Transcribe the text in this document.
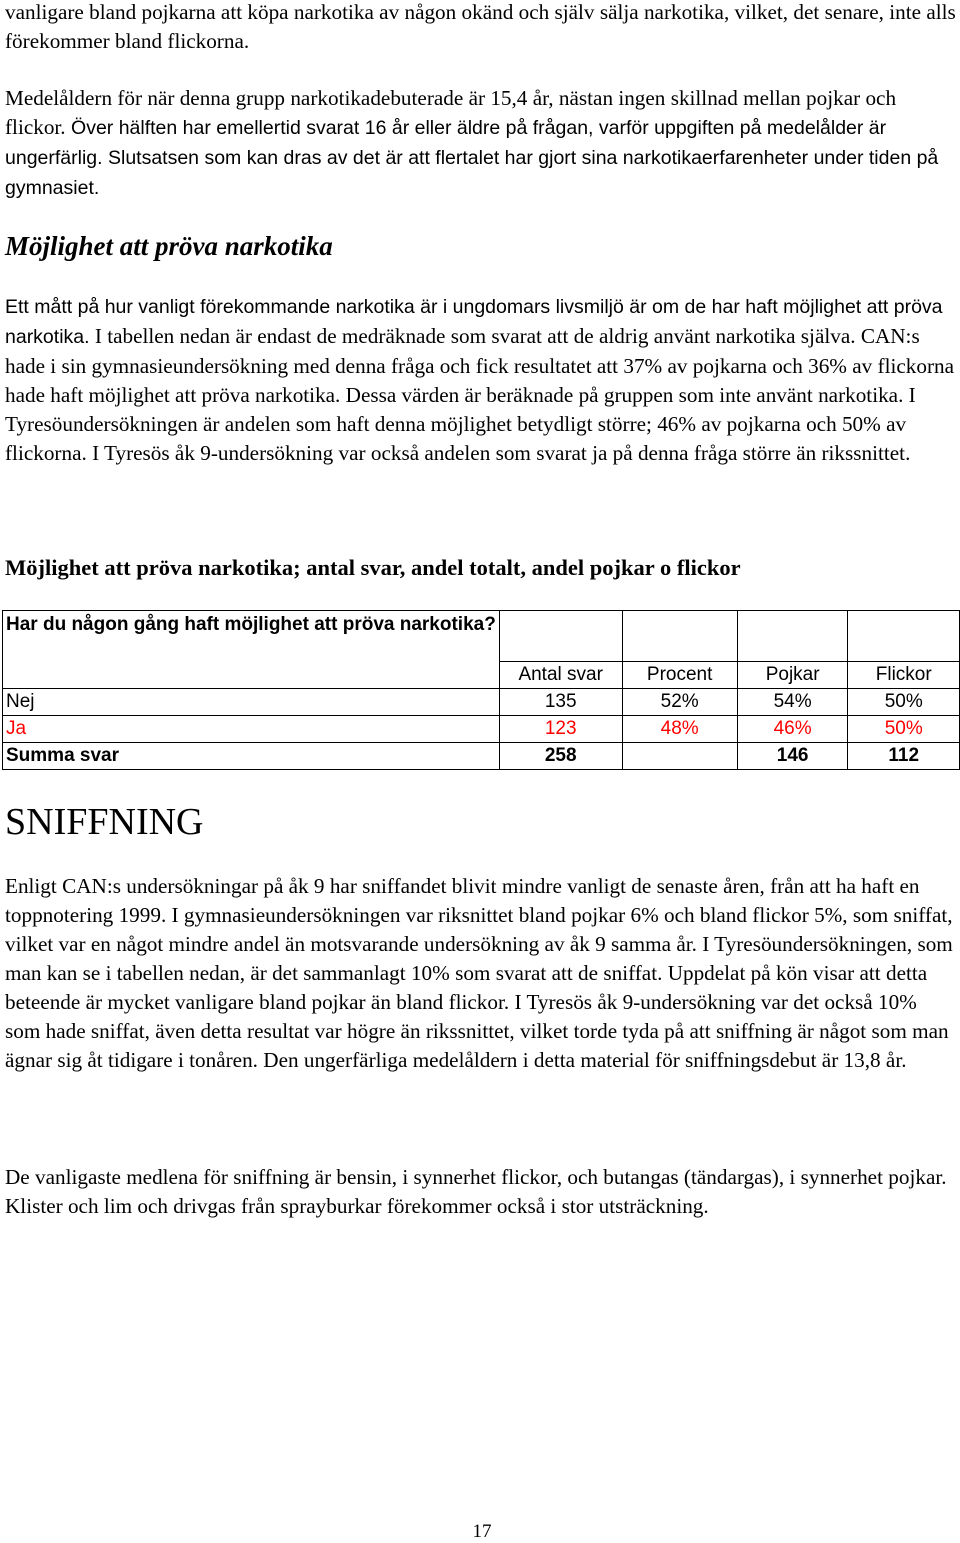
vanligare bland pojkarna att köpa narkotika av någon okänd och själv sälja narkotika, vilket, det senare, inte alls förekommer bland flickorna.

Medelåldern för när denna grupp narkotikadebuterade är 15,4 år, nästan ingen skillnad mellan pojkar och flickor. Över hälften har emellertid svarat 16 år eller äldre på frågan, varför uppgiften på medelålder är ungerfärlig. Slutsatsen som kan dras av det är att flertalet har gjort sina narkotikaerfarenheter under tiden på gymnasiet.

Möjlighet att pröva narkotika

Ett mått på hur vanligt förekommande narkotika är i ungdomars livsmiljö är om de har haft möjlighet att pröva narkotika. I tabellen nedan är endast de medräknade som svarat att de aldrig använt narkotika själva. CAN:s hade i sin gymnasieundersökning med denna fråga och fick resultatet att 37% av pojkarna och 36% av flickorna hade haft möjlighet att pröva narkotika. Dessa värden är beräknade på gruppen som inte använt narkotika. I Tyresöundersökningen är andelen som haft denna möjlighet betydligt större; 46% av pojkarna och 50% av flickorna. I Tyresös åk 9-undersökning var också andelen som svarat ja på denna fråga större än rikssnittet.

Möjlighet att pröva narkotika; antal svar, andel totalt, andel pojkar o flickor
Har du någon gång haft möjlighet att pröva narkotika?				
	Antal svar	Procent	Pojkar	Flickor
Nej	135	52%	54%	50%
Ja	123	48%	46%	50%
Summa svar	258		146	112
SNIFFNING

Enligt CAN:s undersökningar på åk 9 har sniffandet blivit mindre vanligt de senaste åren, från att ha haft en toppnotering 1999. I gymnasieundersökningen var riksnittet bland pojkar 6% och bland flickor 5%, som sniffat, vilket var en något mindre andel än motsvarande undersökning av åk 9 samma år. I Tyresöundersökningen, som man kan se i tabellen nedan, är det sammanlagt 10% som svarat att de sniffat. Uppdelat på kön visar att detta beteende är mycket vanligare bland pojkar än bland flickor. I Tyresös åk 9-undersökning var det också 10% som hade sniffat, även detta resultat var högre än rikssnittet, vilket torde tyda på att sniffning är något som man ägnar sig åt tidigare i tonåren. Den ungerfärliga medelåldern i detta material för sniffningsdebut är 13,8 år.

De vanligaste medlena för sniffning är bensin, i synnerhet flickor, och butangas (tändargas), i synnerhet pojkar. Klister och lim och drivgas från sprayburkar förekommer också i stor utsträckning.

17
